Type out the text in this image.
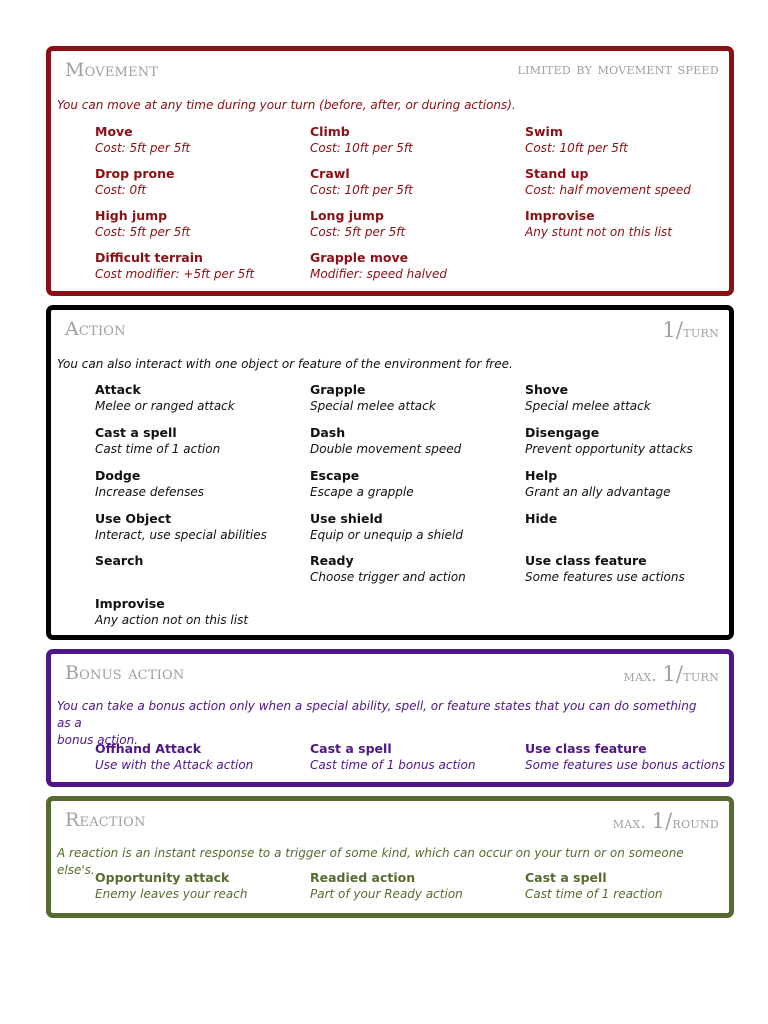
Movement	limited by movement speed
You can move at any time during your turn (before, after, or during actions).
Move
Cost: 5ft per 5ft
Climb
Cost: 10ft per 5ft
Swim
Cost: 10ft per 5ft
Drop prone
Cost: 0ft
Crawl
Cost: 10ft per 5ft
Stand up
Cost: half movement speed
High jump
Cost: 5ft per 5ft
Long jump
Cost: 5ft per 5ft
Improvise
Any stunt not on this list
Difficult terrain
Cost modifier: +5ft per 5ft
Grapple move
Modifier: speed halved
Action	1/turn
You can also interact with one object or feature of the environment for free.
Attack
Melee or ranged attack
Grapple
Special melee attack
Shove
Special melee attack
Cast a spell
Cast time of 1 action
Dash
Double movement speed
Disengage
Prevent opportunity attacks
Dodge
Increase defenses
Escape
Escape a grapple
Help
Grant an ally advantage
Use Object
Interact, use special abilities
Use shield
Equip or unequip a shield
Hide
Search	Ready
Choose trigger and action
Use class feature
Some features use actions
Improvise
Any action not on this list
Bonus action	max. 1/turn
You can take a bonus action only when a special ability, spell, or feature states that you can do something as a
bonus action.
Offhand Attack
Use with the Attack action
Cast a spell
Cast time of 1 bonus action
Use class feature
Some features use bonus actions
Reaction	max. 1/round
A reaction is an instant response to a trigger of some kind, which can occur on your turn or on someone else's. Opportunity attack
Enemy leaves your reach
Readied action
Part of your Ready action
Cast a spell
Cast time of 1 reaction
